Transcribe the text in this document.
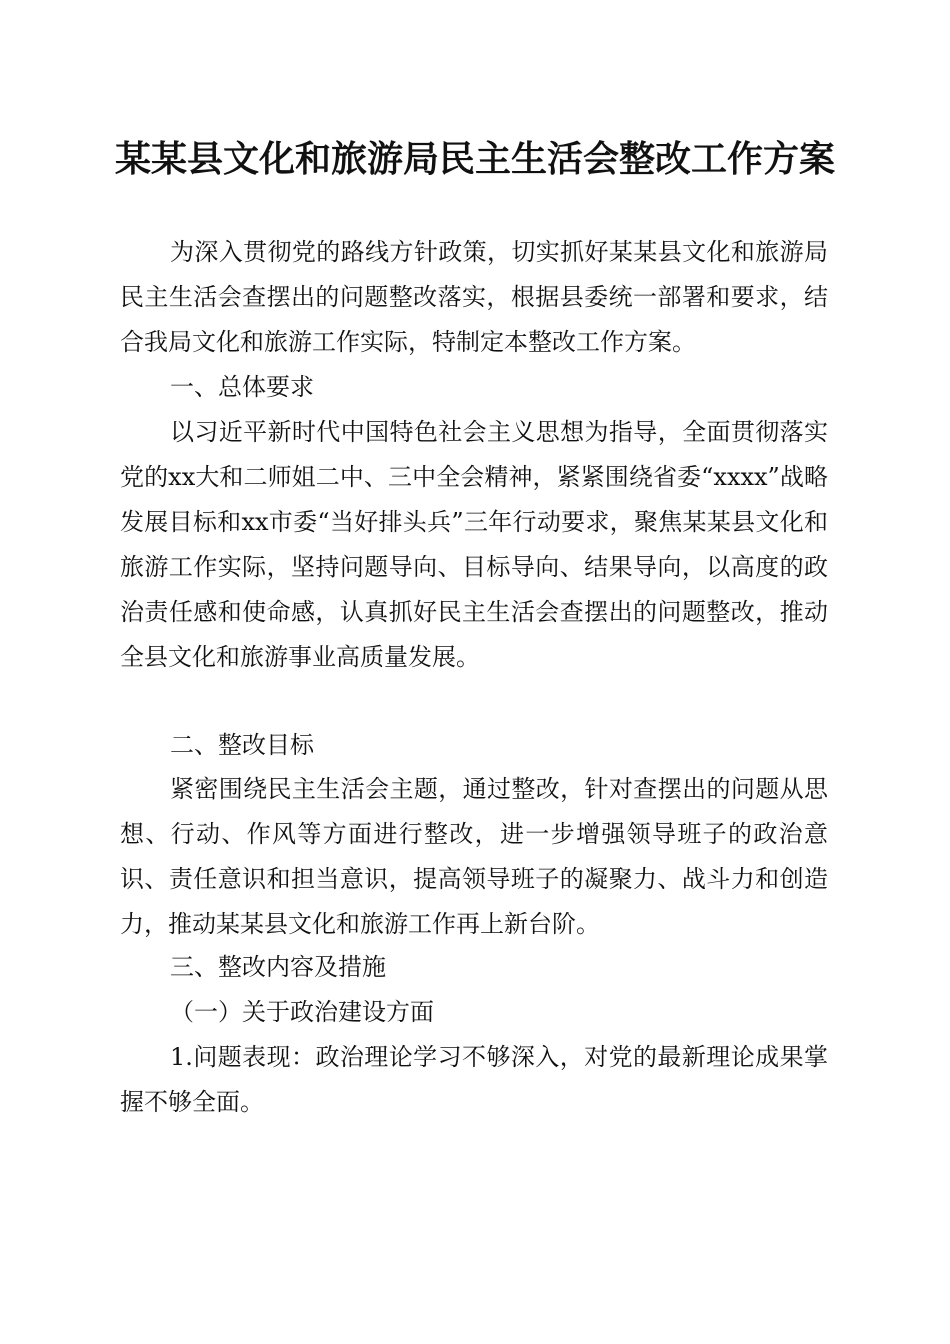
某某县文化和旅游局民主生活会整改工作方案
为深入贯彻党的路线方针政策，切实抓好某某县文化和旅游局民主生活会查摆出的问题整改落实，根据县委统一部署和要求，结合我局文化和旅游工作实际，特制定本整改工作方案。
一、总体要求
以习近平新时代中国特色社会主义思想为指导，全面贯彻落实党的xx大和二师姐二中、三中全会精神，紧紧围绕省委“xxxx”战略发展目标和xx市委“当好排头兵”三年行动要求，聚焦某某县文化和旅游工作实际，坚持问题导向、目标导向、结果导向，以高度的政治责任感和使命感，认真抓好民主生活会查摆出的问题整改，推动全县文化和旅游事业高质量发展。
二、整改目标
紧密围绕民主生活会主题，通过整改，针对查摆出的问题从思想、行动、作风等方面进行整改，进一步增强领导班子的政治意识、责任意识和担当意识，提高领导班子的凝聚力、战斗力和创造力，推动某某县文化和旅游工作再上新台阶。
三、整改内容及措施
（一）关于政治建设方面
1.问题表现：政治理论学习不够深入，对党的最新理论成果掌握不够全面。
